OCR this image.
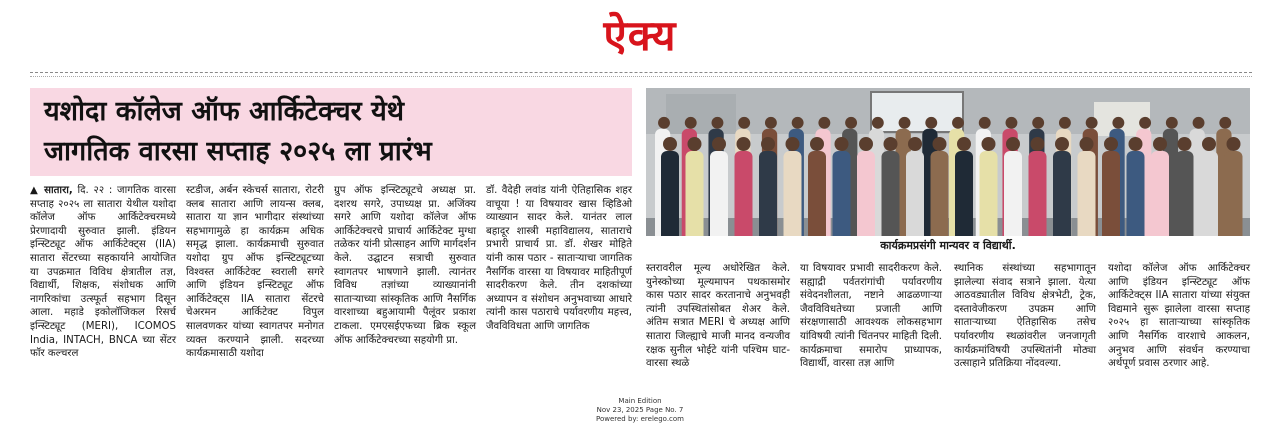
ऐक्य
यशोदा कॉलेज ऑफ आर्किटेक्चर येथे
जागतिक वारसा सप्ताह २०२५ ला प्रारंभ
कार्यक्रमप्रसंगी मान्यवर व विद्यार्थी.

▲ सातारा, दि. २२ : जागतिक वारसा सप्ताह २०२५ ला सातारा येथील यशोदा कॉलेज ऑफ आर्किटेक्चरमध्ये प्रेरणादायी सुरुवात झाली. इंडियन इन्स्टिट्यूट ऑफ आर्किटेक्ट्स (IIA) सातारा सेंटरच्या सहकार्याने आयोजित या उपक्रमात विविध क्षेत्रातील तज्ञ, विद्यार्थी, शिक्षक, संशोधक आणि नागरिकांचा उत्स्फूर्त सहभाग दिसून आला. महाडे इकोलॉजिकल रिसर्च इन्स्टिट्यूट (MERI), ICOMOS India, INTACH, BNCA च्या सेंटर फॉर कल्चरल

स्टडीज, अर्बन स्केचर्स सातारा, रोटरी क्लब सातारा आणि लायन्स क्लब, सातारा या ज्ञान भागीदार संस्थांच्या सहभागामुळे हा कार्यक्रम अधिक समृद्ध झाला. कार्यक्रमाची सुरुवात यशोदा ग्रुप ऑफ इन्स्टिट्यूटच्या विश्वस्त आर्किटेक्ट स्वराली सगरे आणि इंडियन इन्स्टिट्यूट ऑफ आर्किटेक्ट्स IIA सातारा सेंटरचे चेअरमन आर्किटेक्ट विपुल सालवणकर यांच्या स्वागतपर मनोगत व्यक्त करण्याने झाली. सदरच्या कार्यक्रमासाठी यशोदा

ग्रुप ऑफ इन्स्टिट्यूटचे अध्यक्ष प्रा. दशरथ सगरे, उपाध्यक्ष प्रा. अजिंक्य सगरे आणि यशोदा कॉलेज ऑफ आर्किटेक्चरचे प्राचार्य आर्किटेक्ट मुग्धा तळेकर यांनी प्रोत्साहन आणि मार्गदर्शन केले. उद्घाटन सत्राची सुरुवात स्वागतपर भाषणाने झाली. त्यानंतर विविध तज्ञांच्या व्याख्यानांनी साताऱ्याच्या सांस्कृतिक आणि नैसर्गिक वारशाच्या बहुआयामी पैलूंवर प्रकाश टाकला. एमएसईएफच्या ब्रिक स्कूल ऑफ आर्किटेक्चरच्या सहयोगी प्रा.

डॉ. वैदेही लवांड यांनी ऐतिहासिक शहर वाचूया ! या विषयावर खास व्हिडिओ व्याख्यान सादर केले. यानंतर लाल बहादूर शास्त्री महाविद्यालय, साताराचे प्रभारी प्राचार्य प्रा. डॉ. शेखर मोहिते यांनी कास पठार - साताऱ्याचा जागतिक नैसर्गिक वारसा या विषयावर माहितीपूर्ण सादरीकरण केले. तीन दशकांच्या अध्यापन व संशोधन अनुभवाच्या आधारे त्यांनी कास पठाराचे पर्यावरणीय महत्त्व, जैवविविधता आणि जागतिक

स्तरावरील मूल्य अधोरेखित केले. युनेस्कोच्या मूल्यमापन पथकासमोर कास पठार सादर करतानाचे अनुभवही त्यांनी उपस्थितांसोबत शेअर केले. अंतिम सत्रात MERI चे अध्यक्ष आणि सातारा जिल्ह्याचे माजी मानद वन्यजीव रक्षक सुनील भोईटे यांनी पश्चिम घाट- वारसा स्थळे

या विषयावर प्रभावी सादरीकरण केले. सह्याद्री पर्वतरांगांची पर्यावरणीय संवेदनशीलता, नष्टाने आढळणाऱ्या जैवविविधतेच्या प्रजाती आणि संरक्षणासाठी आवश्यक लोकसहभाग यांविषयी त्यांनी चिंतनपर माहिती दिली. कार्यक्रमाचा समारोप प्राध्यापक, विद्यार्थी, वारसा तज्ञ आणि

स्थानिक संस्थांच्या सहभागातून झालेल्या संवाद सत्राने झाला. येत्या आठवड्यातील विविध क्षेत्रभेटी, ट्रेक, दस्तावेजीकरण उपक्रम आणि साताऱ्याच्या ऐतिहासिक तसेच पर्यावरणीय स्थळांवरील जनजागृती कार्यक्रमांविषयी उपस्थितांनी मोठ्या उत्साहाने प्रतिक्रिया नोंदवल्या.

यशोदा कॉलेज ऑफ आर्किटेक्चर आणि इंडियन इन्स्टिट्यूट ऑफ आर्किटेक्ट्स IIA सातारा यांच्या संयुक्त विद्यमाने सुरू झालेला वारसा सप्ताह २०२५ हा साताऱ्याच्या सांस्कृतिक आणि नैसर्गिक वारशाचे आकलन, अनुभव आणि संवर्धन करण्याचा अर्थपूर्ण प्रवास ठरणार आहे.

Main Edition
Nov 23, 2025 Page No. 7
Powered by: erelego.com
